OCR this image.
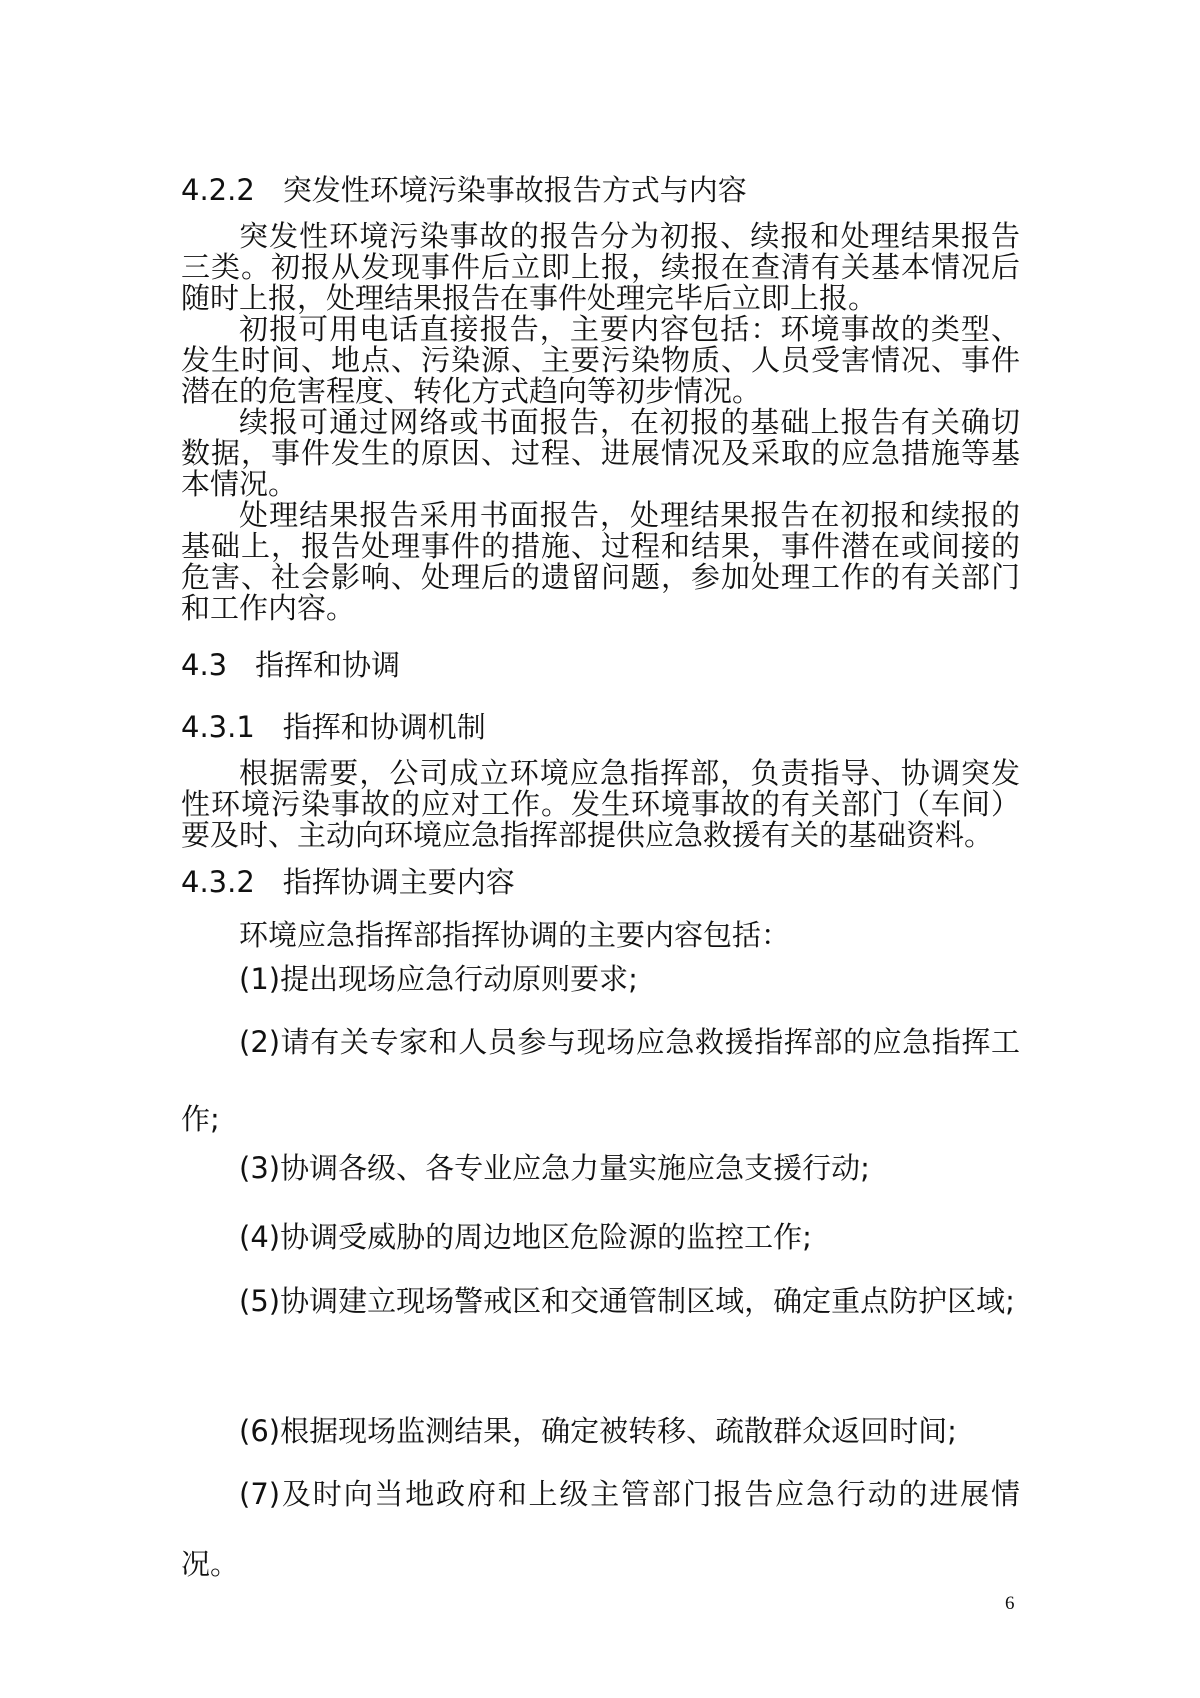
4.2.2 突发性环境污染事故报告方式与内容
突发性环境污染事故的报告分为初报、续报和处理结果报告三类。初报从发现事件后立即上报，续报在查清有关基本情况后随时上报，处理结果报告在事件处理完毕后立即上报。
初报可用电话直接报告，主要内容包括：环境事故的类型、发生时间、地点、污染源、主要污染物质、人员受害情况、事件潜在的危害程度、转化方式趋向等初步情况。
续报可通过网络或书面报告，在初报的基础上报告有关确切数据，事件发生的原因、过程、进展情况及采取的应急措施等基本情况。
处理结果报告采用书面报告，处理结果报告在初报和续报的基础上，报告处理事件的措施、过程和结果，事件潜在或间接的危害、社会影响、处理后的遗留问题，参加处理工作的有关部门和工作内容。
4.3 指挥和协调
4.3.1 指挥和协调机制
根据需要，公司成立环境应急指挥部，负责指导、协调突发性环境污染事故的应对工作。发生环境事故的有关部门（车间）要及时、主动向环境应急指挥部提供应急救援有关的基础资料。
4.3.2 指挥协调主要内容
环境应急指挥部指挥协调的主要内容包括：
(1)提出现场应急行动原则要求;
(2)请有关专家和人员参与现场应急救援指挥部的应急指挥工作;
(3)协调各级、各专业应急力量实施应急支援行动;
(4)协调受威胁的周边地区危险源的监控工作;
(5)协调建立现场警戒区和交通管制区域，确定重点防护区域;
(6)根据现场监测结果，确定被转移、疏散群众返回时间;
(7)及时向当地政府和上级主管部门报告应急行动的进展情况。
6
